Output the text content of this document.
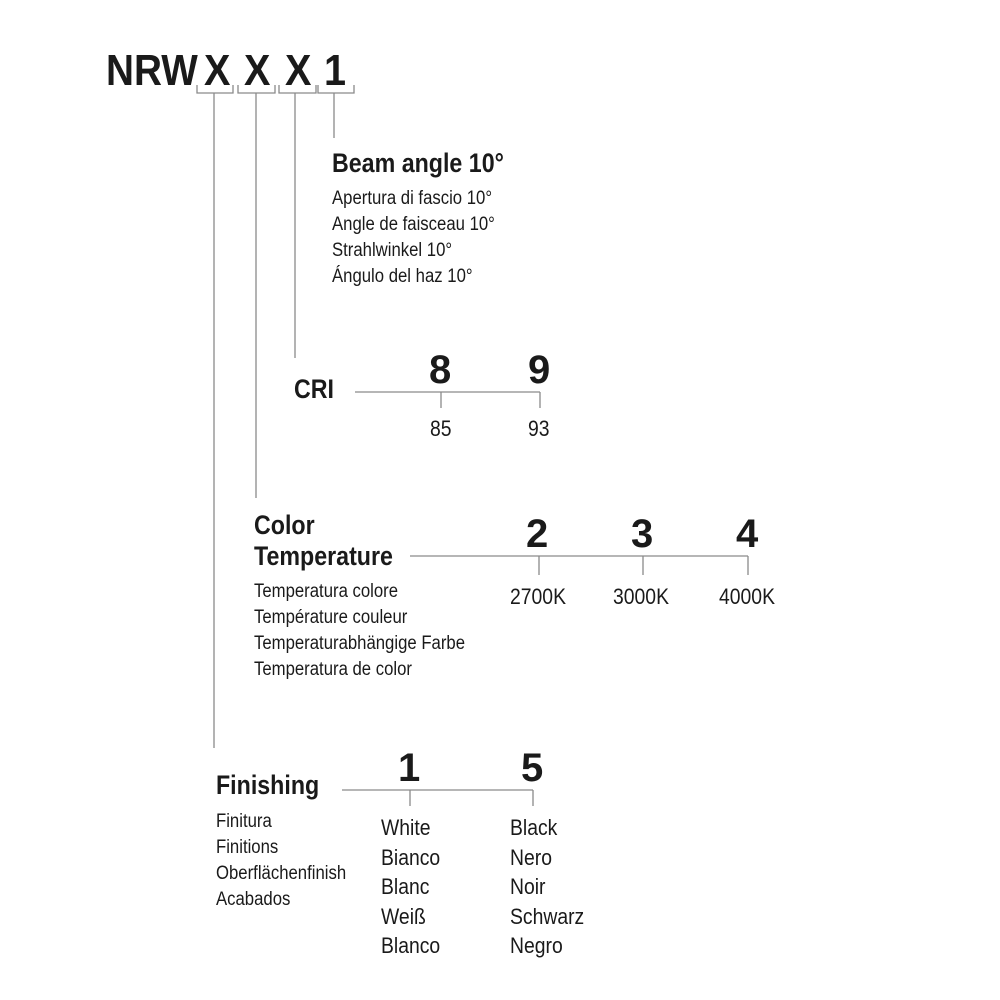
NRW X X X 1
Beam angle 10°
Apertura di fascio 10°
Angle de faisceau 10°
Strahlwinkel 10°
Ángulo del haz 10°
CRI 8 9
85	93
Color
Temperature
Temperatura colore
Température couleur
Temperaturabhängige Farbe
Temperatura de color
2 3 4
2700K 3000K 4000K
Finishing
Finitura
Finitions
Oberflächenfinish
Acabados
1	5
White
Bianco
Blanc
Weiß
Blanco
Black
Nero
Noir
Schwarz
Negro
